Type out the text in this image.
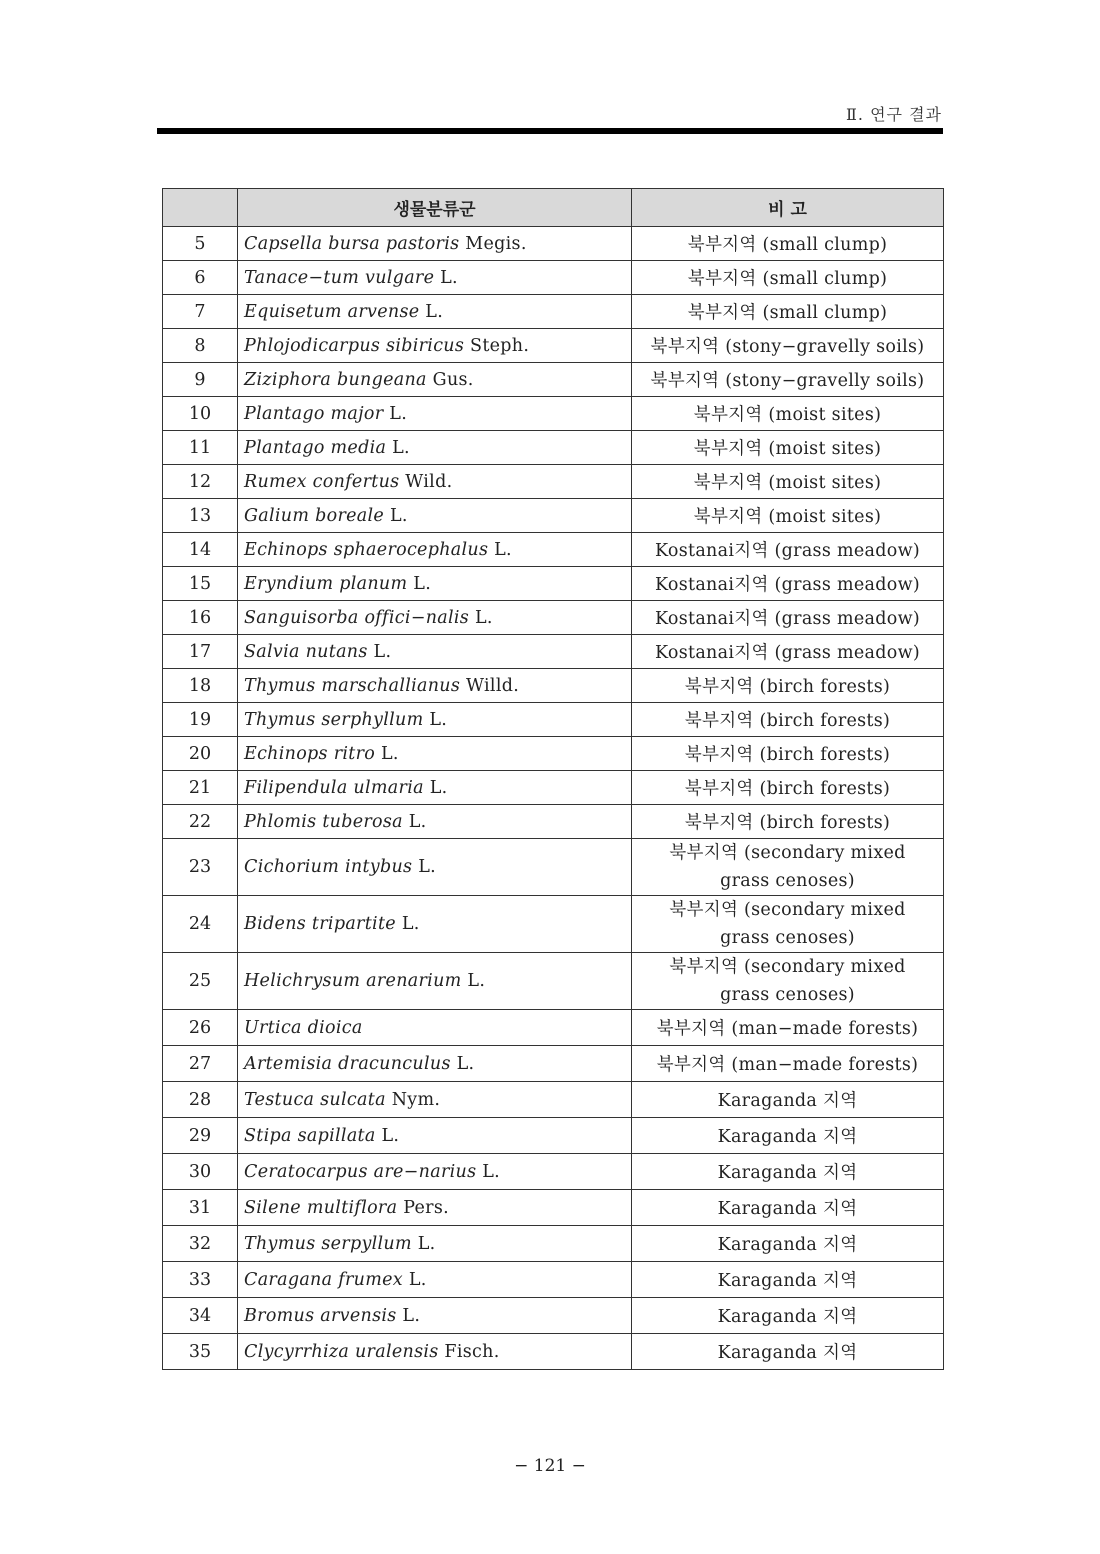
Ⅱ. 연구 결과
	생물분류군	비 고
5	Capsella bursa pastoris Megis.	북부지역 (small clump)
6	Tanace−tum vulgare L.	북부지역 (small clump)
7	Equisetum arvense L.	북부지역 (small clump)
8	Phlojodicarpus sibiricus Steph.	북부지역 (stony−gravelly soils)
9	Ziziphora bungeana Gus.	북부지역 (stony−gravelly soils)
10	Plantago major L.	북부지역 (moist sites)
11	Plantago media L.	북부지역 (moist sites)
12	Rumex confertus Wild.	북부지역 (moist sites)
13	Galium boreale L.	북부지역 (moist sites)
14	Echinops sphaerocephalus L.	Kostanai지역 (grass meadow)
15	Eryndium planum L.	Kostanai지역 (grass meadow)
16	Sanguisorba offici−nalis L.	Kostanai지역 (grass meadow)
17	Salvia nutans L.	Kostanai지역 (grass meadow)
18	Thymus marschallianus Willd.	북부지역 (birch forests)
19	Thymus serphyllum L.	북부지역 (birch forests)
20	Echinops ritro L.	북부지역 (birch forests)
21	Filipendula ulmaria L.	북부지역 (birch forests)
22	Phlomis tuberosa L.	북부지역 (birch forests)
23	Cichorium intybus L.	북부지역 (secondary mixed grass cenoses)
24	Bidens tripartite L.	북부지역 (secondary mixed grass cenoses)
25	Helichrysum arenarium L.	북부지역 (secondary mixed grass cenoses)
26	Urtica dioica	북부지역 (man−made forests)
27	Artemisia dracunculus L.	북부지역 (man−made forests)
28	Testuca sulcata Nym.	Karaganda 지역
29	Stipa sapillata L.	Karaganda 지역
30	Ceratocarpus are−narius L.	Karaganda 지역
31	Silene multiflora Pers.	Karaganda 지역
32	Thymus serpyllum L.	Karaganda 지역
33	Caragana frumex L.	Karaganda 지역
34	Bromus arvensis L.	Karaganda 지역
35	Clycyrrhiza uralensis Fisch.	Karaganda 지역
− 121 −
